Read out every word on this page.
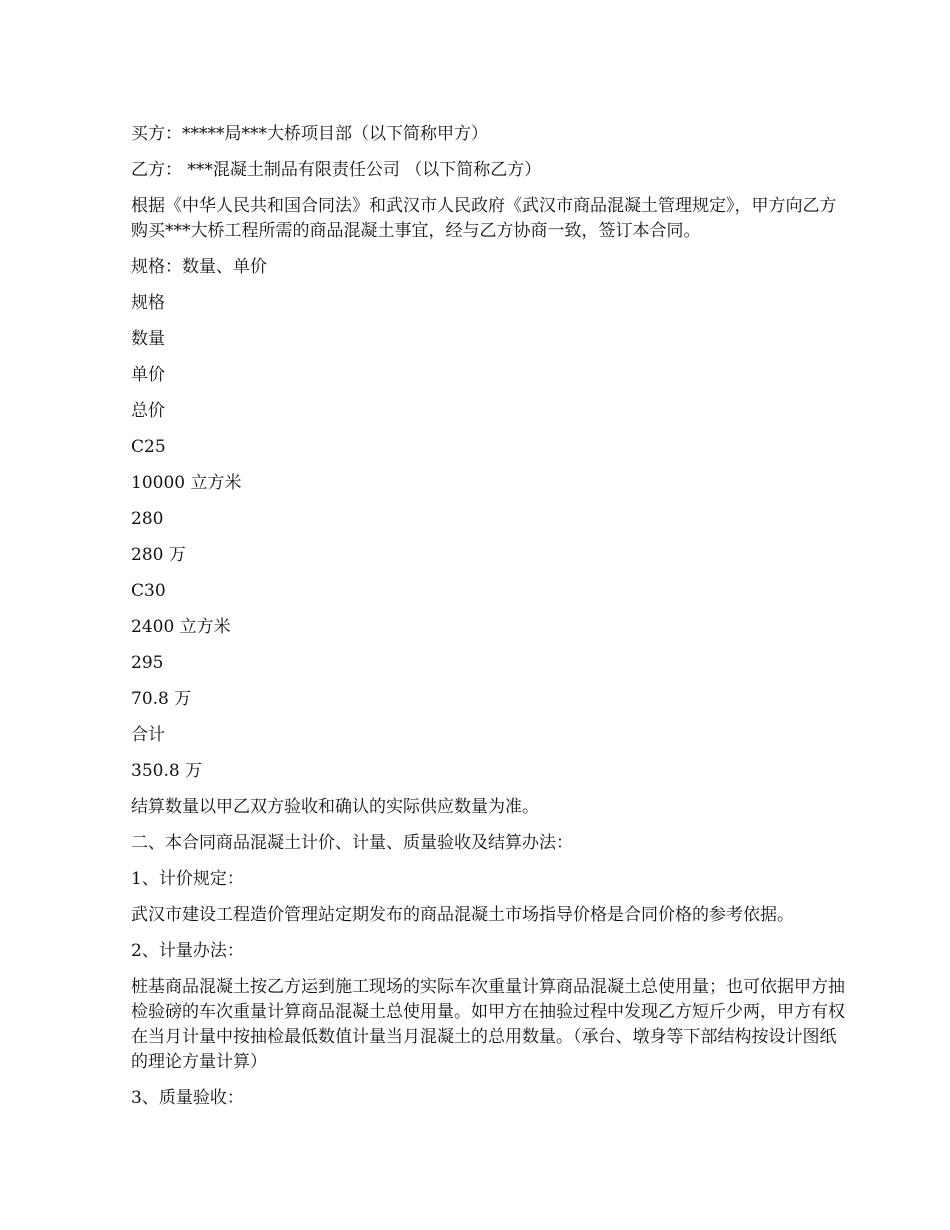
买方：*****局***大桥项目部（以下简称甲方）

乙方： ***混凝土制品有限责任公司 （以下简称乙方）

根据《中华人民共和国合同法》和武汉市人民政府《武汉市商品混凝土管理规定》，甲方向乙方购买***大桥工程所需的商品混凝土事宜，经与乙方协商一致，签订本合同。

规格：数量、单价

规格

数量

单价

总价

C25

10000 立方米

280

280 万

C30

2400 立方米

295

70.8 万

合计

350.8 万

结算数量以甲乙双方验收和确认的实际供应数量为准。

二、本合同商品混凝土计价、计量、质量验收及结算办法：

1、计价规定：

武汉市建设工程造价管理站定期发布的商品混凝土市场指导价格是合同价格的参考依据。

2、计量办法：

桩基商品混凝土按乙方运到施工现场的实际车次重量计算商品混凝土总使用量；也可依据甲方抽检验磅的车次重量计算商品混凝土总使用量。如甲方在抽验过程中发现乙方短斤少两，甲方有权在当月计量中按抽检最低数值计量当月混凝土的总用数量。（承台、墩身等下部结构按设计图纸的理论方量计算）

3、质量验收：
